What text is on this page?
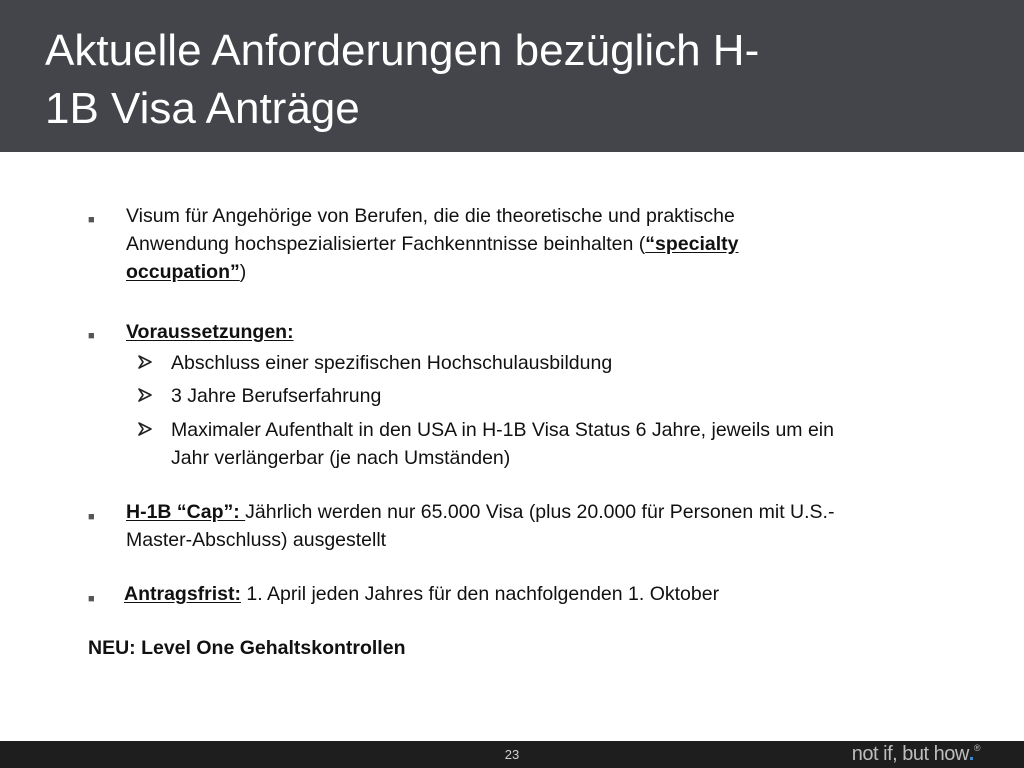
Aktuelle Anforderungen bezüglich H-
1B Visa Anträge
■ Visum für Angehörige von Berufen, die die theoretische und praktische
Anwendung hochspezialisierter Fachkenntnisse beinhalten (“specialty
occupation”)
■ Voraussetzungen:
Abschluss einer spezifischen Hochschulausbildung
3 Jahre Berufserfahrung
Maximaler Aufenthalt in den USA in H-1B Visa Status 6 Jahre, jeweils um ein
Jahr verlängerbar (je nach Umständen)
■ H-1B “Cap”: Jährlich werden nur 65.000 Visa (plus 20.000 für Personen mit U.S.-
Master-Abschluss) ausgestellt
■ Antragsfrist: 1. April jeden Jahres für den nachfolgenden 1. Oktober
NEU: Level One Gehaltskontrollen
23	not if, but how.®
